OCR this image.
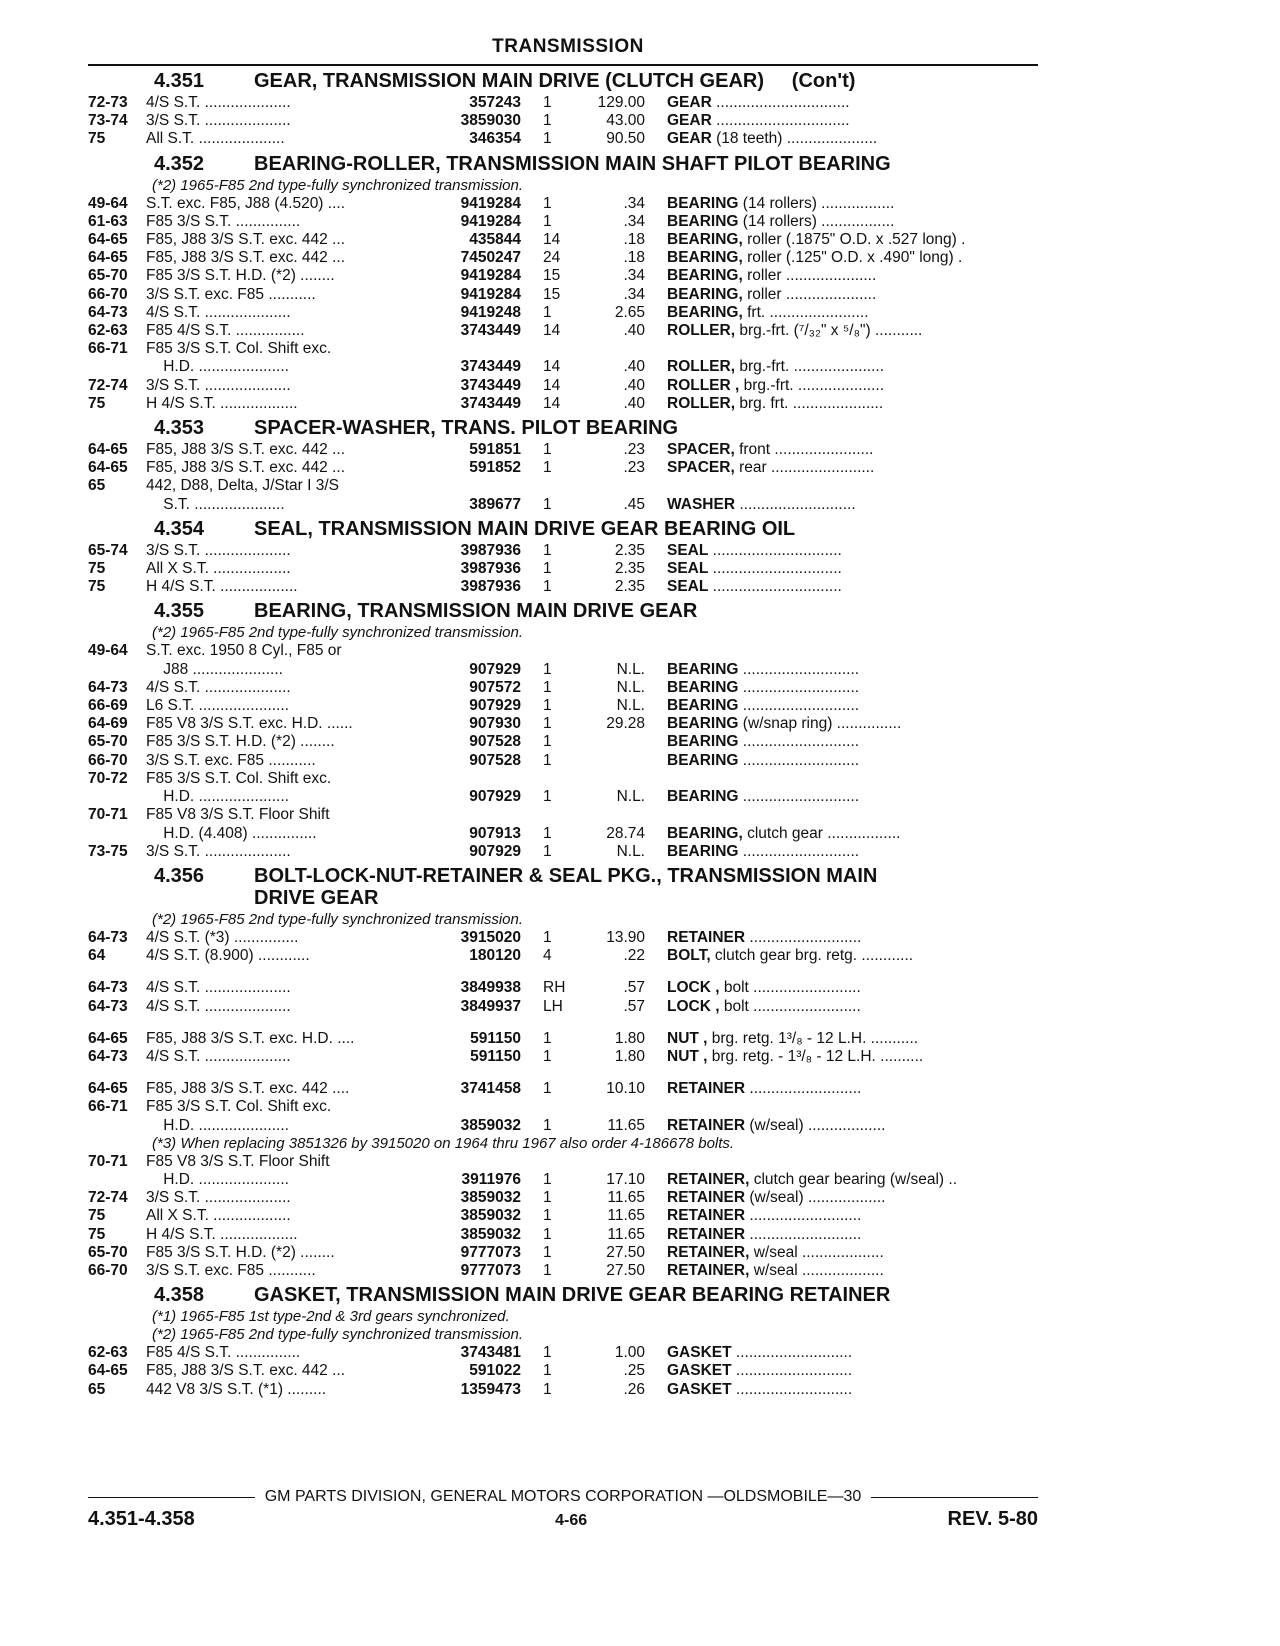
TRANSMISSION
4.351	GEAR, TRANSMISSION MAIN DRIVE (CLUTCH GEAR)     (Con't)
72-73	4/S S.T. ....................	357243	1	129.00	GEAR ...............................
73-74	3/S S.T. ....................	3859030	1	43.00	GEAR ...............................
75	All S.T. ....................	346354	1	90.50	GEAR (18 teeth) .....................
4.352	BEARING-ROLLER, TRANSMISSION MAIN SHAFT PILOT BEARING
(*2) 1965-F85 2nd type-fully synchronized transmission.
49-64	S.T. exc. F85, J88 (4.520) ....	9419284	1	.34	BEARING (14 rollers) .................
61-63	F85 3/S S.T. ...............	9419284	1	.34	BEARING (14 rollers) .................
64-65	F85, J88 3/S S.T. exc. 442 ...	435844	14	.18	BEARING, roller (.1875" O.D. x .527 long) .
64-65	F85, J88 3/S S.T. exc. 442 ...	7450247	24	.18	BEARING, roller (.125" O.D. x .490" long) .
65-70	F85 3/S S.T. H.D. (*2) ........	9419284	15	.34	BEARING, roller .....................
66-70	3/S S.T. exc. F85 ...........	9419284	15	.34	BEARING, roller .....................
64-73	4/S S.T. ....................	9419248	1	2.65	BEARING, frt. .......................
62-63	F85 4/S S.T. ................	3743449	14	.40	ROLLER, brg.-frt. (⁷/₃₂" x ⁵/₈") ...........
66-71	F85 3/S S.T. Col. Shift exc.
H.D. .....................	3743449	14	.40	ROLLER, brg.-frt. .....................
72-74	3/S S.T. ....................	3743449	14	.40	ROLLER , brg.-frt. ....................
75	H 4/S S.T. ..................	3743449	14	.40	ROLLER, brg. frt. .....................
4.353	SPACER-WASHER, TRANS. PILOT BEARING
64-65	F85, J88 3/S S.T. exc. 442 ...	591851	1	.23	SPACER, front .......................
64-65	F85, J88 3/S S.T. exc. 442 ...	591852	1	.23	SPACER, rear ........................
65	442, D88, Delta, J/Star I 3/S
S.T. .....................	389677	1	.45	WASHER ...........................
4.354	SEAL, TRANSMISSION MAIN DRIVE GEAR BEARING OIL
65-74	3/S S.T. ....................	3987936	1	2.35	SEAL ..............................
75	All X S.T. ..................	3987936	1	2.35	SEAL ..............................
75	H 4/S S.T. ..................	3987936	1	2.35	SEAL ..............................
4.355	BEARING, TRANSMISSION MAIN DRIVE GEAR
(*2) 1965-F85 2nd type-fully synchronized transmission.
49-64	S.T. exc. 1950 8 Cyl., F85 or
J88 .....................	907929	1	N.L.	BEARING ...........................
64-73	4/S S.T. ....................	907572	1	N.L.	BEARING ...........................
66-69	L6 S.T. .....................	907929	1	N.L.	BEARING ...........................
64-69	F85 V8 3/S S.T. exc. H.D. ......	907930	1	29.28	BEARING (w/snap ring) ...............
65-70	F85 3/S S.T. H.D. (*2) ........	907528	1	BEARING ...........................
66-70	3/S S.T. exc. F85 ...........	907528	1	BEARING ...........................
70-72	F85 3/S S.T. Col. Shift exc.
H.D. .....................	907929	1	N.L.	BEARING ...........................
70-71	F85 V8 3/S S.T. Floor Shift
H.D. (4.408) ...............	907913	1	28.74	BEARING, clutch gear .................
73-75	3/S S.T. ....................	907929	1	N.L.	BEARING ...........................
4.356	BOLT-LOCK-NUT-RETAINER & SEAL PKG., TRANSMISSION MAIN
DRIVE GEAR
(*2) 1965-F85 2nd type-fully synchronized transmission.
64-73	4/S S.T. (*3) ...............	3915020	1	13.90	RETAINER ..........................
64	4/S S.T. (8.900) ............	180120	4	.22	BOLT, clutch gear brg. retg. ............
64-73	4/S S.T. ....................	3849938	RH	.57	LOCK , bolt .........................
64-73	4/S S.T. ....................	3849937	LH	.57	LOCK , bolt .........................
64-65	F85, J88 3/S S.T. exc. H.D. ....	591150	1	1.80	NUT , brg. retg. 1³/₈ - 12 L.H. ...........
64-73	4/S S.T. ....................	591150	1	1.80	NUT , brg. retg. - 1³/₈ - 12 L.H. ..........
64-65	F85, J88 3/S S.T. exc. 442 ....	3741458	1	10.10	RETAINER ..........................
66-71	F85 3/S S.T. Col. Shift exc.
H.D. .....................	3859032	1	11.65	RETAINER (w/seal) ..................
(*3) When replacing 3851326 by 3915020 on 1964 thru 1967 also order 4-186678 bolts.
70-71	F85 V8 3/S S.T. Floor Shift
H.D. .....................	3911976	1	17.10	RETAINER, clutch gear bearing (w/seal) ..
72-74	3/S S.T. ....................	3859032	1	11.65	RETAINER (w/seal) ..................
75	All X S.T. ..................	3859032	1	11.65	RETAINER ..........................
75	H 4/S S.T. ..................	3859032	1	11.65	RETAINER ..........................
65-70	F85 3/S S.T. H.D. (*2) ........	9777073	1	27.50	RETAINER, w/seal ...................
66-70	3/S S.T. exc. F85 ...........	9777073	1	27.50	RETAINER, w/seal ...................
4.358	GASKET, TRANSMISSION MAIN DRIVE GEAR BEARING RETAINER
(*1) 1965-F85 1st type-2nd & 3rd gears synchronized.
(*2) 1965-F85 2nd type-fully synchronized transmission.
62-63	F85 4/S S.T. ...............	3743481	1	1.00	GASKET ...........................
64-65	F85, J88 3/S S.T. exc. 442 ...	591022	1	.25	GASKET ...........................
65	442 V8 3/S S.T. (*1) .........	1359473	1	.26	GASKET ...........................
GM PARTS DIVISION, GENERAL MOTORS CORPORATION —OLDSMOBILE—30
4.351-4.358	4-66	REV. 5-80
